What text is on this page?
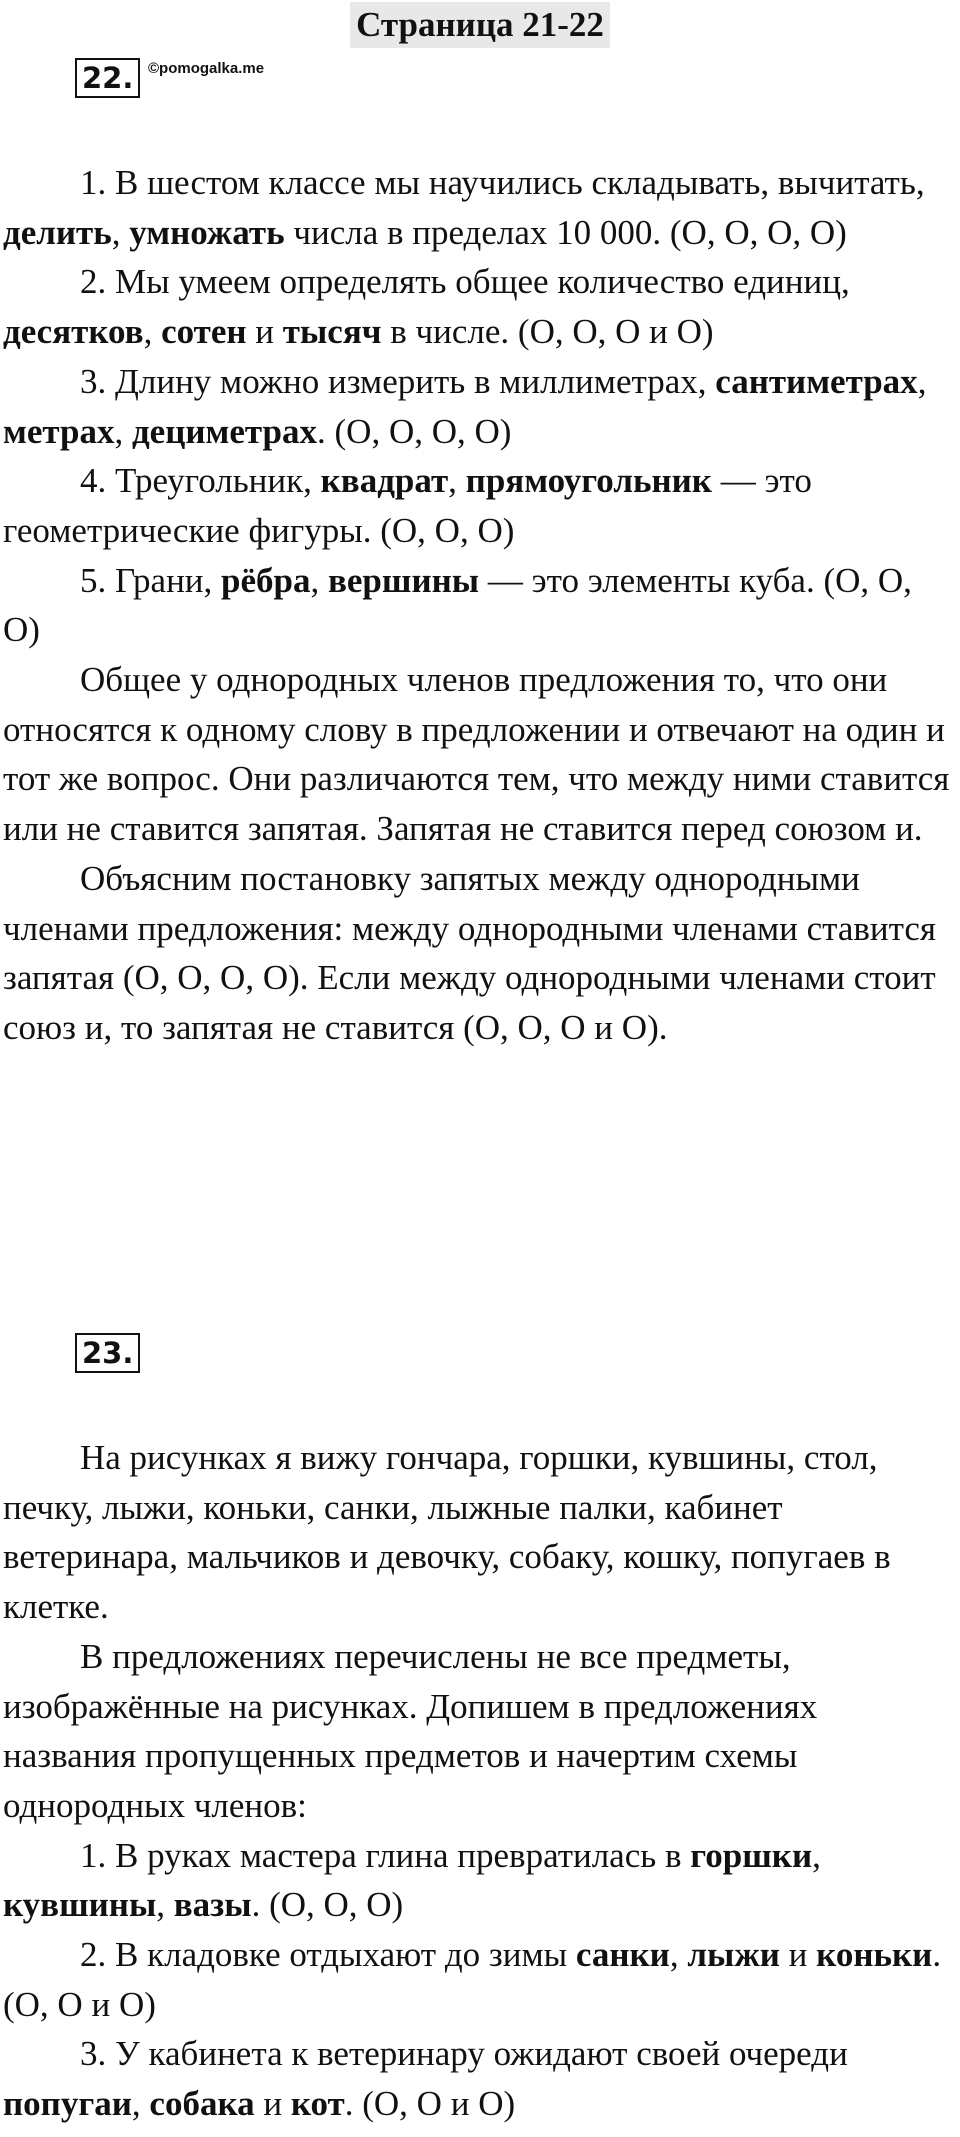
Страница 21-22
22. ©pomogalka.me

1. В шестом классе мы научились складывать, вычитать, делить, умножать числа в пределах 10 000. (О, О, О, О)

2. Мы умеем определять общее количество единиц, десятков, сотен и тысяч в числе. (О, О, О и О)

3. Длину можно измерить в миллиметрах, сантиметрах, метрах, дециметрах. (О, О, О, О)

4. Треугольник, квадрат, прямоугольник — это геометрические фигуры. (О, О, О)

5. Грани, рёбра, вершины — это элементы куба. (О, О, О)

Общее у однородных членов предложения то, что они относятся к одному слову в предложении и отвечают на один и тот же вопрос. Они различаются тем, что между ними ставится или не ставится запятая. Запятая не ставится перед союзом и.

Объясним постановку запятых между однородными членами предложения: между однородными членами ставится запятая (О, О, О, О). Если между однородными членами стоит союз и, то запятая не ставится (О, О, О и О).

23.

На рисунках я вижу гончара, горшки, кувшины, стол, печку, лыжи, коньки, санки, лыжные палки, кабинет ветеринара, мальчиков и девочку, собаку, кошку, попугаев в клетке.

В предложениях перечислены не все предметы, изображённые на рисунках. Допишем в предложениях названия пропущенных предметов и начертим схемы однородных членов:

1. В руках мастера глина превратилась в горшки, кувшины, вазы. (О, О, О)

2. В кладовке отдыхают до зимы санки, лыжи и коньки. (О, О и О)

3. У кабинета к ветеринару ожидают своей очереди попугаи, собака и кот. (О, О и О)
